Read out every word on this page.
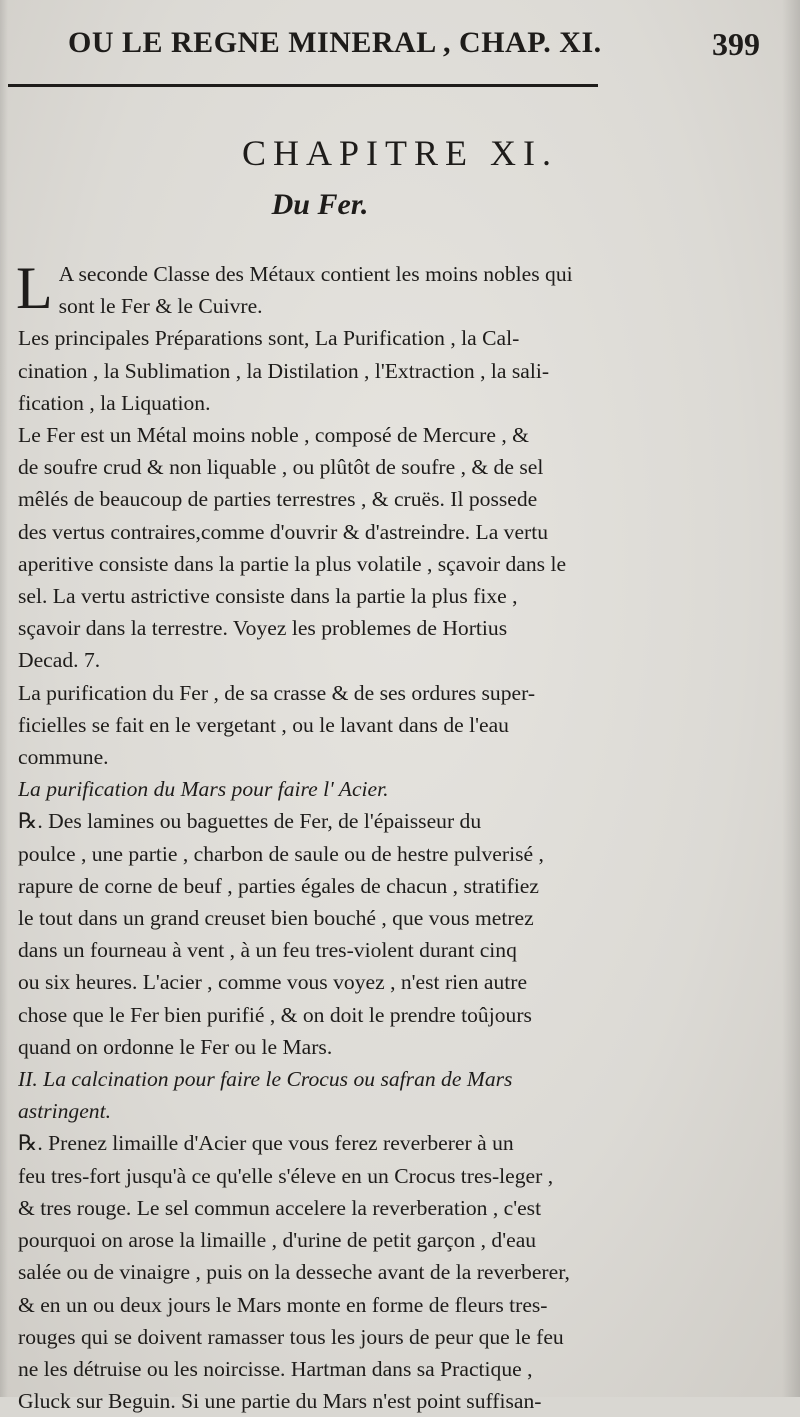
OU LE REGNE MINERAL , CHAP. XI.	399
CHAPITRE XI.
Du Fer.
L A seconde Classe des Métaux contient les moins nobles qui
sont le Fer & le Cuivre.
Les principales Préparations sont, La Purification , la Cal-
cination , la Sublimation , la Distilation , l'Extraction , la sali-
fication , la Liquation.
Le Fer est un Métal moins noble , composé de Mercure , &
de soufre crud & non liquable , ou plûtôt de soufre , & de sel
mêlés de beaucoup de parties terrestres , & cruës. Il possede
des vertus contraires,comme d'ouvrir & d'astreindre. La vertu
aperitive consiste dans la partie la plus volatile , sçavoir dans le
sel. La vertu astrictive consiste dans la partie la plus fixe ,
sçavoir dans la terrestre. Voyez les problemes de Hortius
Decad. 7.
La purification du Fer , de sa crasse & de ses ordures super-
ficielles se fait en le vergetant , ou le lavant dans de l'eau
commune.
La purification du Mars pour faire l' Acier.
℞. Des lamines ou baguettes de Fer, de l'épaisseur du
poulce , une partie , charbon de saule ou de hestre pulverisé ,
rapure de corne de beuf , parties égales de chacun , stratifiez
le tout dans un grand creuset bien bouché , que vous metrez
dans un fourneau à vent , à un feu tres-violent durant cinq
ou six heures. L'acier , comme vous voyez , n'est rien autre
chose que le Fer bien purifié , & on doit le prendre toûjours
quand on ordonne le Fer ou le Mars.
II. La calcination pour faire le Crocus ou safran de Mars
astringent.
℞. Prenez limaille d'Acier que vous ferez reverberer à un
feu tres-fort jusqu'à ce qu'elle s'éleve en un Crocus tres-leger ,
& tres rouge. Le sel commun accelere la reverberation , c'est
pourquoi on arose la limaille , d'urine de petit garçon , d'eau
salée ou de vinaigre , puis on la desseche avant de la reverberer,
& en un ou deux jours le Mars monte en forme de fleurs tres-
rouges qui se doivent ramasser tous les jours de peur que le feu
ne les détruise ou les noircisse. Hartman dans sa Practique ,
Gluck sur Beguin. Si une partie du Mars n'est point suffisan-
